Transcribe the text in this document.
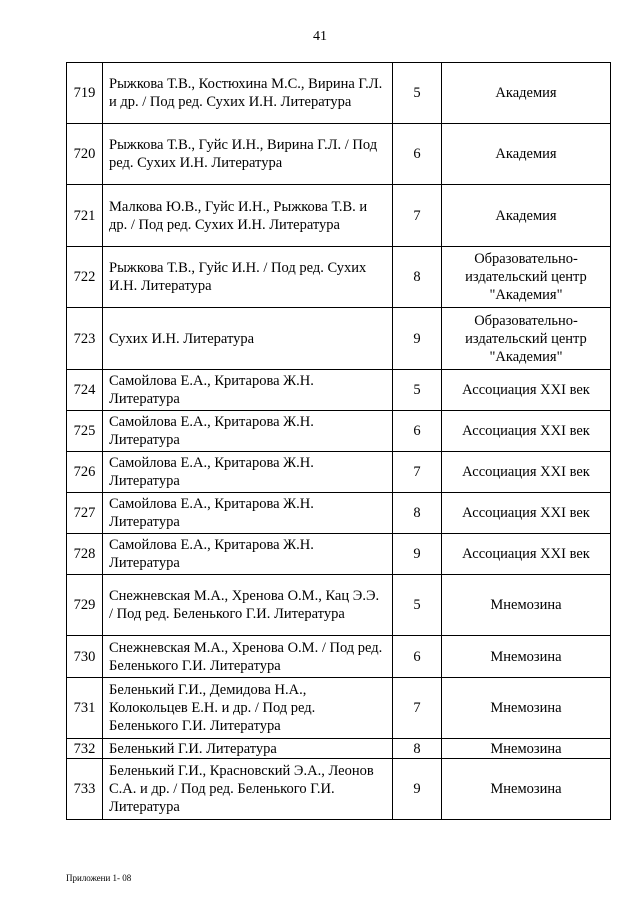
41
719	Рыжкова Т.В., Костюхина М.С., Вирина Г.Л. и др. / Под ред. Сухих И.Н. Литература	5	Академия
720	Рыжкова Т.В., Гуйс И.Н., Вирина Г.Л. / Под ред. Сухих И.Н. Литература	6	Академия
721	Малкова Ю.В., Гуйс И.Н., Рыжкова Т.В. и др. / Под ред. Сухих И.Н. Литература	7	Академия
722	Рыжкова Т.В., Гуйс И.Н. / Под ред. Сухих И.Н. Литература	8	Образовательно-издательский центр "Академия"
723	Сухих И.Н. Литература	9	Образовательно-издательский центр "Академия"
724	Самойлова Е.А., Критарова Ж.Н. Литература	5	Ассоциация XXI век
725	Самойлова Е.А., Критарова Ж.Н. Литература	6	Ассоциация XXI век
726	Самойлова Е.А., Критарова Ж.Н. Литература	7	Ассоциация XXI век
727	Самойлова Е.А., Критарова Ж.Н. Литература	8	Ассоциация XXI век
728	Самойлова Е.А., Критарова Ж.Н. Литература	9	Ассоциация XXI век
729	Снежневская М.А., Хренова О.М., Кац Э.Э. / Под ред. Беленького Г.И. Литература	5	Мнемозина
730	Снежневская М.А., Хренова О.М. / Под ред. Беленького Г.И. Литература	6	Мнемозина
731	Беленький Г.И., Демидова Н.А., Колокольцев Е.Н. и др. / Под ред. Беленького Г.И. Литература	7	Мнемозина
732	Беленький Г.И. Литература	8	Мнемозина
733	Беленький Г.И., Красновский Э.А., Леонов С.А. и др. / Под ред. Беленького Г.И. Литература	9	Мнемозина
Приложени 1- 08
